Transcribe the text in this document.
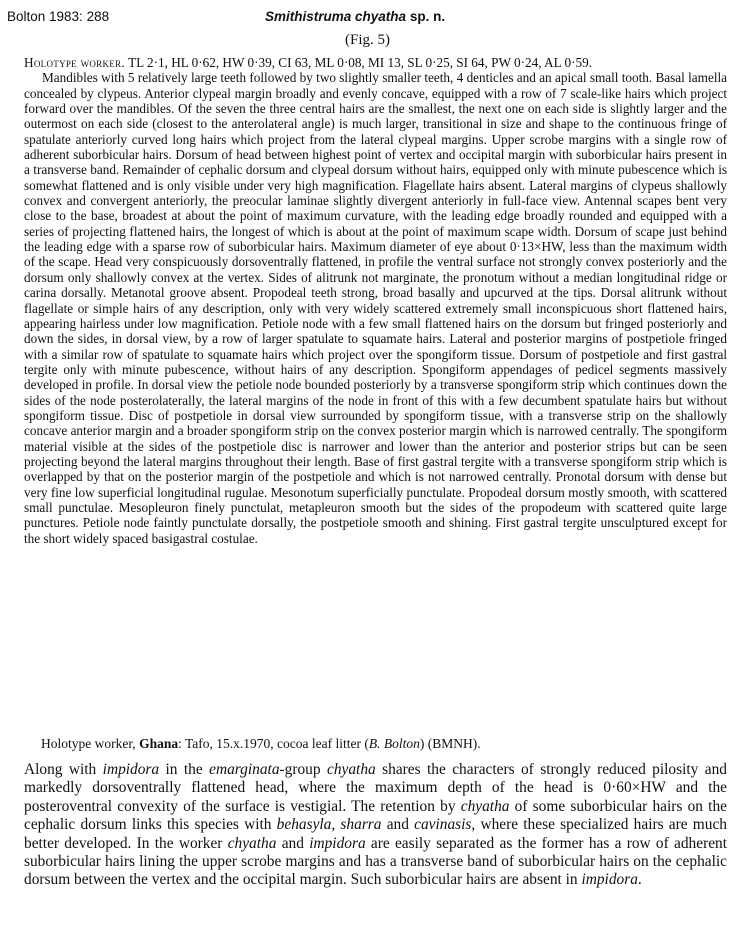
Bolton 1983: 288	Smithistruma chyatha sp. n.
(Fig. 5)
Holotype worker. TL 2·1, HL 0·62, HW 0·39, CI 63, ML 0·08, MI 13, SL 0·25, SI 64, PW 0·24, AL 0·59.
Mandibles with 5 relatively large teeth followed by two slightly smaller teeth, 4 denticles and an apical small tooth. Basal lamella concealed by clypeus. Anterior clypeal margin broadly and evenly concave, equipped with a row of 7 scale-like hairs which project forward over the mandibles. Of the seven the three central hairs are the smallest, the next one on each side is slightly larger and the outermost on each side (closest to the anterolateral angle) is much larger, transitional in size and shape to the continuous fringe of spatulate anteriorly curved long hairs which project from the lateral clypeal margins. Upper scrobe margins with a single row of adherent suborbicular hairs. Dorsum of head between highest point of vertex and occipital margin with suborbicular hairs present in a transverse band. Remainder of cephalic dorsum and clypeal dorsum without hairs, equipped only with minute pubescence which is somewhat flattened and is only visible under very high magnification. Flagellate hairs absent. Lateral margins of clypeus shallowly convex and convergent anteriorly, the preocular laminae slightly divergent anteriorly in full-face view. Antennal scapes bent very close to the base, broadest at about the point of maximum curvature, with the leading edge broadly rounded and equipped with a series of projecting flattened hairs, the longest of which is about at the point of maximum scape width. Dorsum of scape just behind the leading edge with a sparse row of suborbicular hairs. Maximum diameter of eye about 0·13×HW, less than the maximum width of the scape. Head very conspicuously dorsoventrally flattened, in profile the ventral surface not strongly convex posteriorly and the dorsum only shallowly convex at the vertex. Sides of alitrunk not marginate, the pronotum without a median longitudinal ridge or carina dorsally. Metanotal groove absent. Propodeal teeth strong, broad basally and upcurved at the tips. Dorsal alitrunk without flagellate or simple hairs of any description, only with very widely scattered extremely small inconspicuous short flattened hairs, appearing hairless under low magnification. Petiole node with a few small flattened hairs on the dorsum but fringed posteriorly and down the sides, in dorsal view, by a row of larger spatulate to squamate hairs. Lateral and posterior margins of postpetiole fringed with a similar row of spatulate to squamate hairs which project over the spongiform tissue. Dorsum of postpetiole and first gastral tergite only with minute pubescence, without hairs of any description. Spongiform appendages of pedicel segments massively developed in profile. In dorsal view the petiole node bounded posteriorly by a transverse spongiform strip which continues down the sides of the node posterolaterally, the lateral margins of the node in front of this with a few decumbent spatulate hairs but without spongiform tissue. Disc of postpetiole in dorsal view surrounded by spongiform tissue, with a transverse strip on the shallowly concave anterior margin and a broader spongiform strip on the convex posterior margin which is narrowed centrally. The spongiform material visible at the sides of the postpetiole disc is narrower and lower than the anterior and posterior strips but can be seen projecting beyond the lateral margins throughout their length. Base of first gastral tergite with a transverse spongiform strip which is overlapped by that on the posterior margin of the postpetiole and which is not narrowed centrally. Pronotal dorsum with dense but very fine low superficial longitudinal rugulae. Mesonotum superficially punctulate. Propodeal dorsum mostly smooth, with scattered small punctulae. Mesopleuron finely punctulat, metapleuron smooth but the sides of the propodeum with scattered quite large punctures. Petiole node faintly punctulate dorsally, the postpetiole smooth and shining. First gastral tergite unsculptured except for the short widely spaced basigastral costulae.
Holotype worker, Ghana: Tafo, 15.x.1970, cocoa leaf litter (B. Bolton) (BMNH).
Along with impidora in the emarginata-group chyatha shares the characters of strongly reduced pilosity and markedly dorsoventrally flattened head, where the maximum depth of the head is 0·60×HW and the posteroventral convexity of the surface is vestigial. The retention by chyatha of some suborbicular hairs on the cephalic dorsum links this species with behasyla, sharra and cavinasis, where these specialized hairs are much better developed. In the worker chyatha and impidora are easily separated as the former has a row of adherent suborbicular hairs lining the upper scrobe margins and has a transverse band of suborbicular hairs on the cephalic dorsum between the vertex and the occipital margin. Such suborbicular hairs are absent in impidora.
